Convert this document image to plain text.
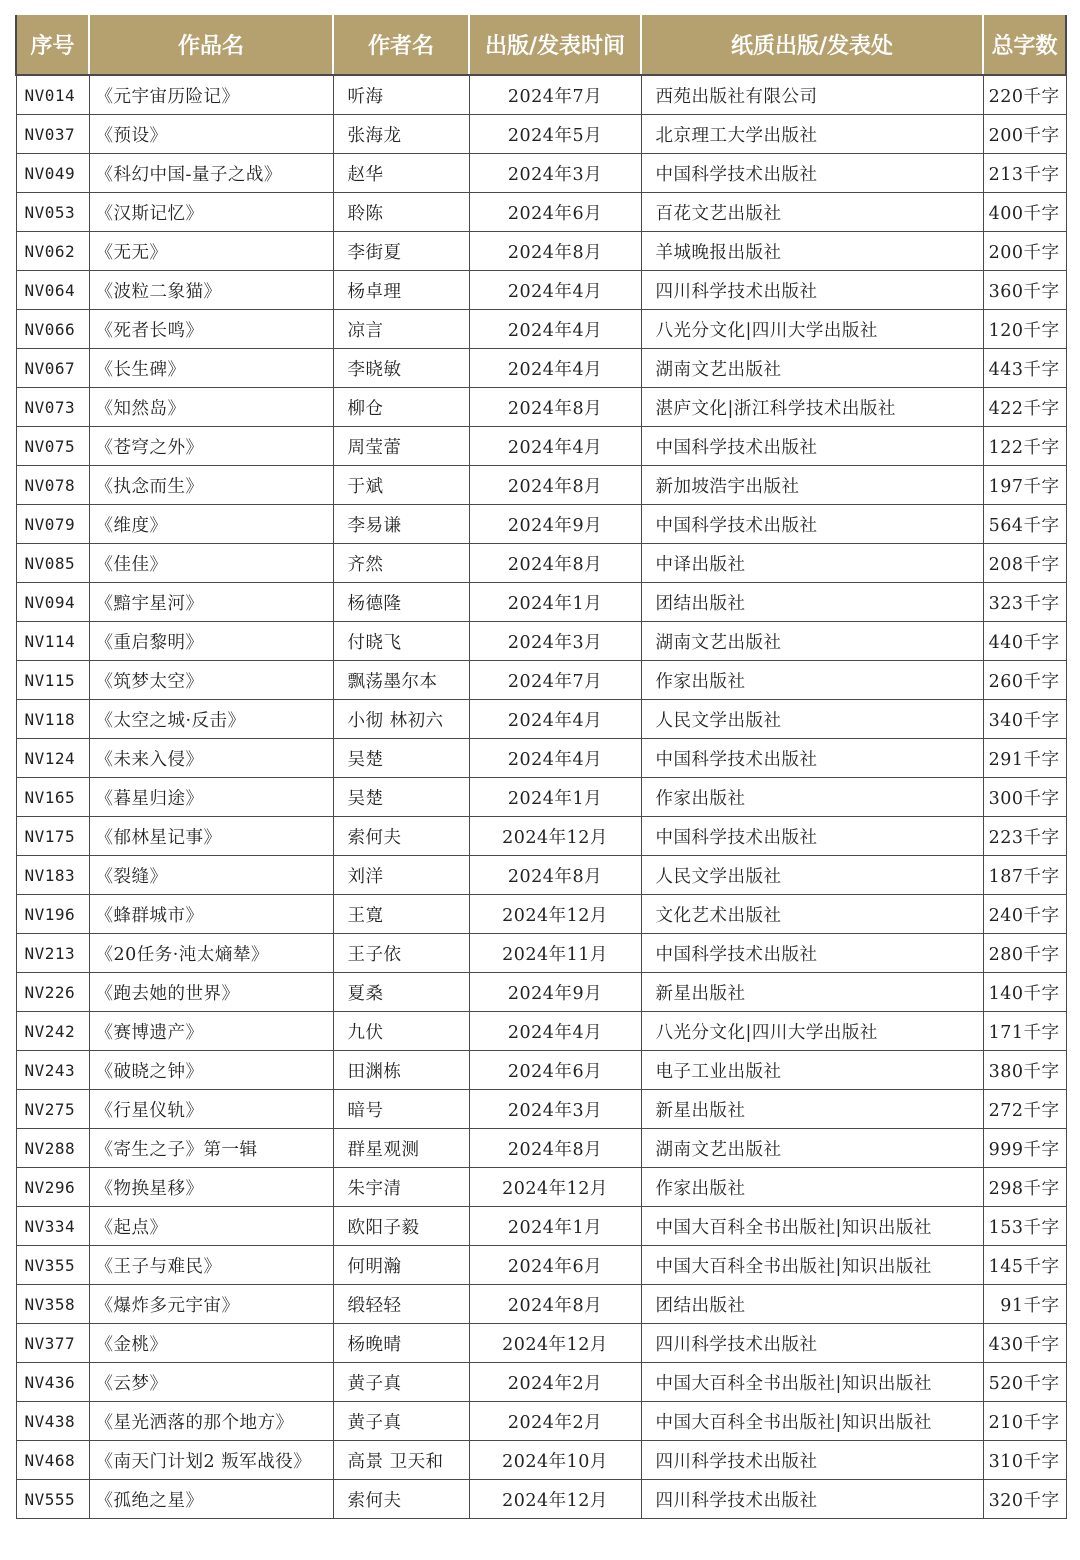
序号	作品名	作者名	出版/发表时间	纸质出版/发表处	总字数
NV014	《元宇宙历险记》	听海	2024年7月	西苑出版社有限公司	220千字
NV037	《预设》	张海龙	2024年5月	北京理工大学出版社	200千字
NV049	《科幻中国-量子之战》	赵华	2024年3月	中国科学技术出版社	213千字
NV053	《汉斯记忆》	聆陈	2024年6月	百花文艺出版社	400千字
NV062	《无无》	李街夏	2024年8月	羊城晚报出版社	200千字
NV064	《波粒二象猫》	杨卓理	2024年4月	四川科学技术出版社	360千字
NV066	《死者长鸣》	凉言	2024年4月	八光分文化|四川大学出版社	120千字
NV067	《长生碑》	李晓敏	2024年4月	湖南文艺出版社	443千字
NV073	《知然岛》	柳仓	2024年8月	湛庐文化|浙江科学技术出版社	422千字
NV075	《苍穹之外》	周莹蕾	2024年4月	中国科学技术出版社	122千字
NV078	《执念而生》	于斌	2024年8月	新加坡浩宇出版社	197千字
NV079	《维度》	李易谦	2024年9月	中国科学技术出版社	564千字
NV085	《佳佳》	齐然	2024年8月	中译出版社	208千字
NV094	《黯宇星河》	杨德隆	2024年1月	团结出版社	323千字
NV114	《重启黎明》	付晓飞	2024年3月	湖南文艺出版社	440千字
NV115	《筑梦太空》	飘荡墨尔本	2024年7月	作家出版社	260千字
NV118	《太空之城·反击》	小彻 林初六	2024年4月	人民文学出版社	340千字
NV124	《未来入侵》	吴楚	2024年4月	中国科学技术出版社	291千字
NV165	《暮星归途》	吴楚	2024年1月	作家出版社	300千字
NV175	《郁林星记事》	索何夫	2024年12月	中国科学技术出版社	223千字
NV183	《裂缝》	刘洋	2024年8月	人民文学出版社	187千字
NV196	《蜂群城市》	王寛	2024年12月	文化艺术出版社	240千字
NV213	《20任务·沌太熵辇》	王子依	2024年11月	中国科学技术出版社	280千字
NV226	《跑去她的世界》	夏桑	2024年9月	新星出版社	140千字
NV242	《赛博遗产》	九伏	2024年4月	八光分文化|四川大学出版社	171千字
NV243	《破晓之钟》	田渊栋	2024年6月	电子工业出版社	380千字
NV275	《行星仪轨》	暗号	2024年3月	新星出版社	272千字
NV288	《寄生之子》第一辑	群星观测	2024年8月	湖南文艺出版社	999千字
NV296	《物换星移》	朱宇清	2024年12月	作家出版社	298千字
NV334	《起点》	欧阳子毅	2024年1月	中国大百科全书出版社|知识出版社	153千字
NV355	《王子与难民》	何明瀚	2024年6月	中国大百科全书出版社|知识出版社	145千字
NV358	《爆炸多元宇宙》	缎轻轻	2024年8月	团结出版社	91千字
NV377	《金桃》	杨晚晴	2024年12月	四川科学技术出版社	430千字
NV436	《云梦》	黄子真	2024年2月	中国大百科全书出版社|知识出版社	520千字
NV438	《星光洒落的那个地方》	黄子真	2024年2月	中国大百科全书出版社|知识出版社	210千字
NV468	《南天门计划2 叛军战役》	高景 卫天和	2024年10月	四川科学技术出版社	310千字
NV555	《孤绝之星》	索何夫	2024年12月	四川科学技术出版社	320千字
